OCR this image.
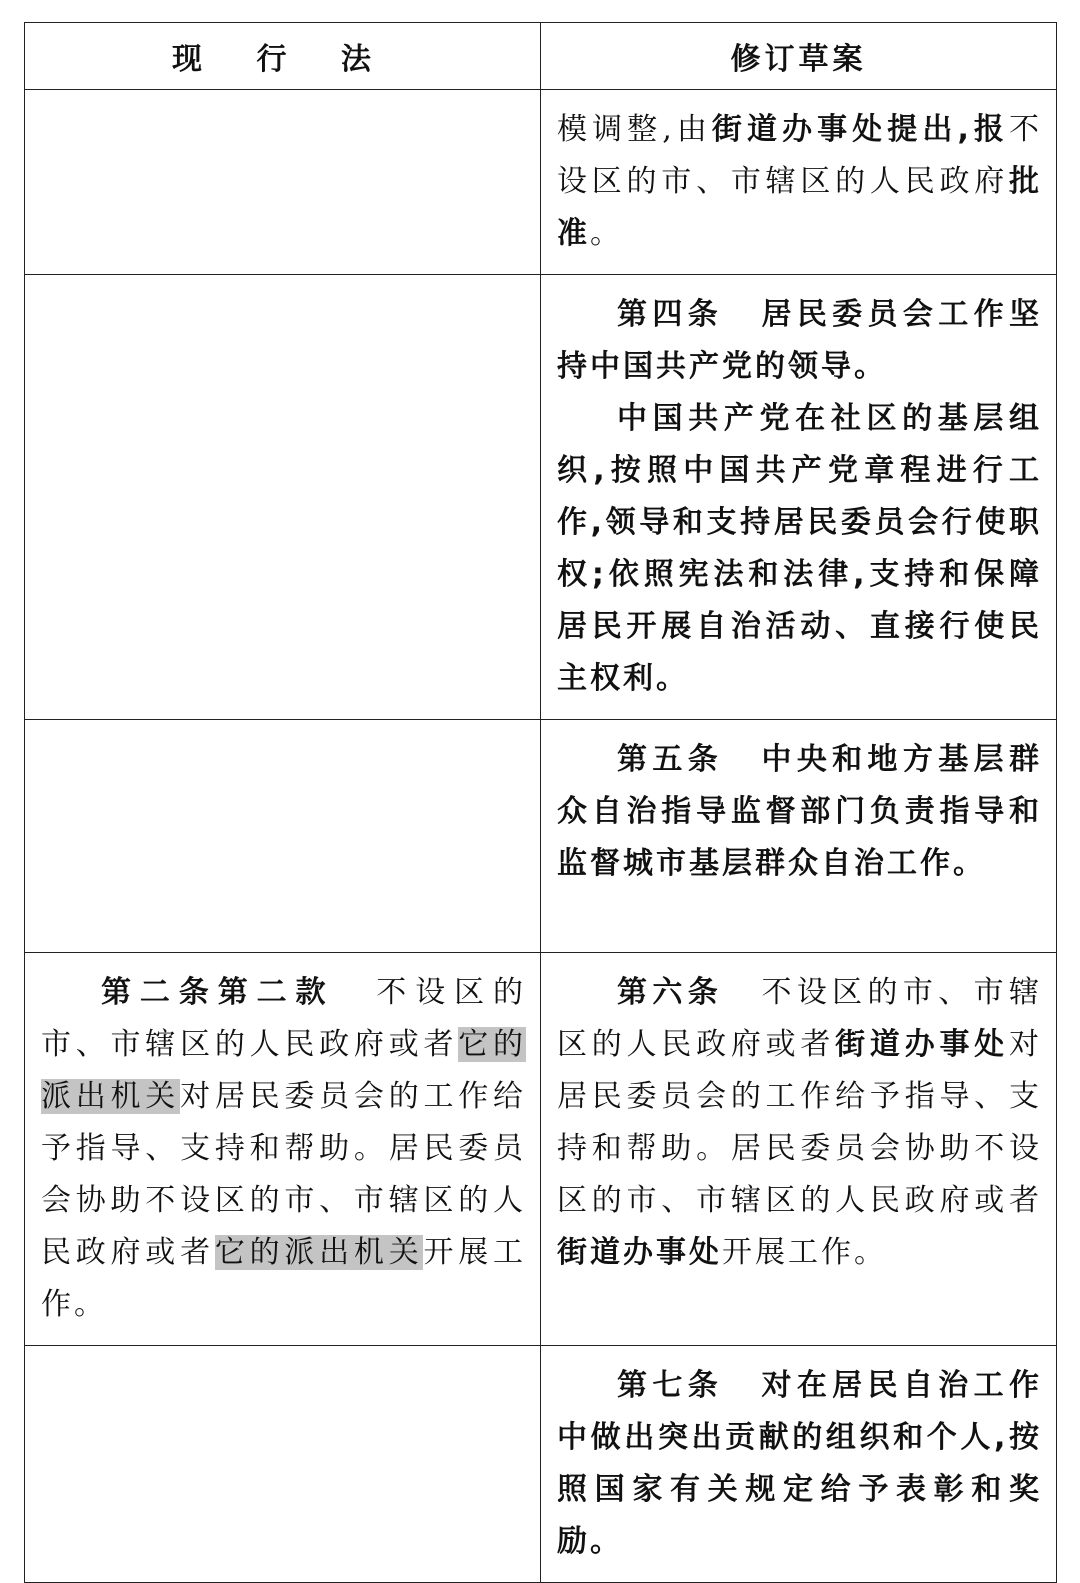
现 行 法	修订草案

	模调整,由街道办事处提出,报不设区的市、市辖区的人民政府批准。

	第四条 居民委员会工作坚持中国共产党的领导。

中国共产党在社区的基层组织,按照中国共产党章程进行工作,领导和支持居民委员会行使职权;依照宪法和法律,支持和保障居民开展自治活动、直接行使民主权利。

	第五条 中央和地方基层群众自治指导监督部门负责指导和监督城市基层群众自治工作。

第二条第二款 不设区的市、市辖区的人民政府或者它的派出机关对居民委员会的工作给予指导、支持和帮助。居民委员会协助不设区的市、市辖区的人民政府或者它的派出机关开展工作。	第六条 不设区的市、市辖区的人民政府或者街道办事处对居民委员会的工作给予指导、支持和帮助。居民委员会协助不设区的市、市辖区的人民政府或者街道办事处开展工作。

	第七条 对在居民自治工作中做出突出贡献的组织和个人,按照国家有关规定给予表彰和奖励。
